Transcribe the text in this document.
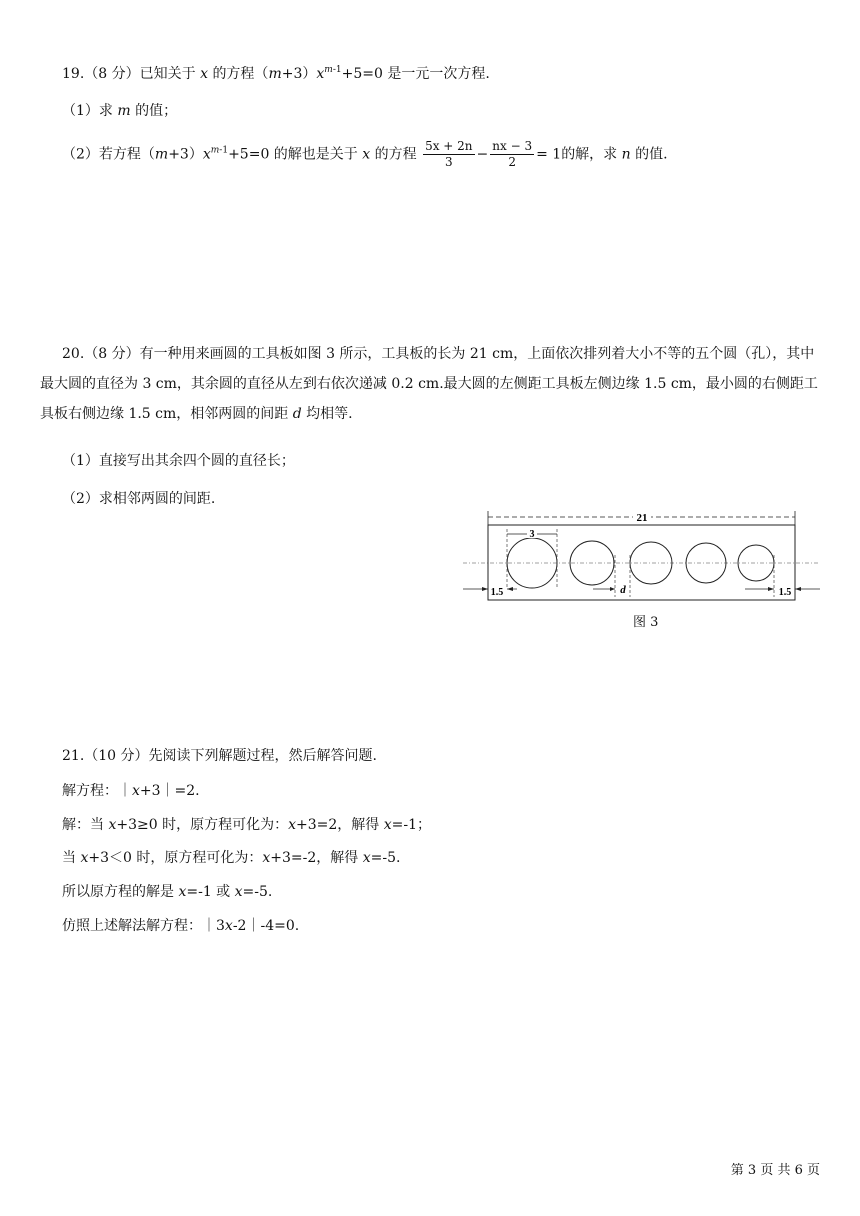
19.（8 分）已知关于 x 的方程$(m+3)x^{m-1}+5=0$ 是一元一次方程.
（1）求 m 的值；
（2）若方程$(m+3)x^{m-1}+5=0$ 的解也是关于 x 的方程 $\frac{5x + 2n}{3} - \frac{nx - 3}{2} = 1$的解，求 n 的值.
20.（8 分）有一种用来画圆的工具板如图 3 所示，工具板的长为 21 cm，上面依次排列着大小不等的五个圆（孔），其中最大圆的直径为 3 cm，其余圆的直径从左到右依次递减 0.2 cm.最大圆的左侧距工具板左侧边缘 1.5 cm，最小圆的右侧距工具板右侧边缘 1.5 cm，相邻两圆的间距 d 均相等.
（1）直接写出其余四个圆的直径长；
（2）求相邻两圆的间距.
21
3
d
1.5	1.5
图 3
21.（10 分）先阅读下列解题过程，然后解答问题.
解方程：｜x+3｜=2.
解：当 x+3≥0 时，原方程可化为：x+3=2，解得 x=-1；
当 x+3＜0 时，原方程可化为：x+3=-2，解得 x=-5.
所以原方程的解是 x=-1 或 x=-5.
仿照上述解法解方程：｜3x-2｜-4=0.
第 3 页 共 6 页
